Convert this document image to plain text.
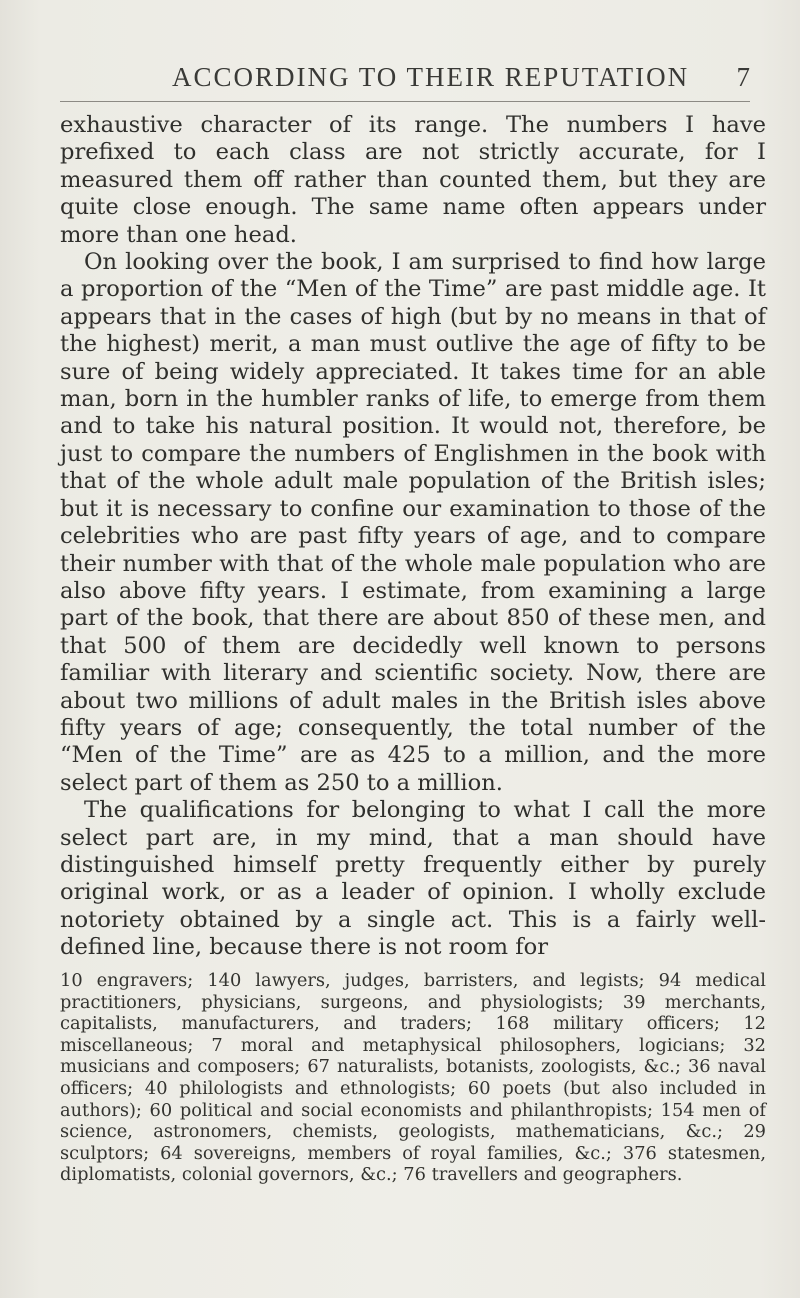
ACCORDING TO THEIR REPUTATION 7

exhaustive character of its range. The numbers I have prefixed to each class are not strictly accurate, for I measured them off rather than counted them, but they are quite close enough. The same name often appears under more than one head.

On looking over the book, I am surprised to find how large a proportion of the “Men of the Time” are past middle age. It appears that in the cases of high (but by no means in that of the highest) merit, a man must outlive the age of fifty to be sure of being widely appreciated. It takes time for an able man, born in the humbler ranks of life, to emerge from them and to take his natural position. It would not, therefore, be just to compare the numbers of Englishmen in the book with that of the whole adult male population of the British isles; but it is necessary to confine our examination to those of the celebrities who are past fifty years of age, and to compare their number with that of the whole male population who are also above fifty years. I estimate, from examining a large part of the book, that there are about 850 of these men, and that 500 of them are decidedly well known to persons familiar with literary and scientific society. Now, there are about two millions of adult males in the British isles above fifty years of age; consequently, the total number of the “Men of the Time” are as 425 to a million, and the more select part of them as 250 to a million.

The qualifications for belonging to what I call the more select part are, in my mind, that a man should have distinguished himself pretty frequently either by purely original work, or as a leader of opinion. I wholly exclude notoriety obtained by a single act. This is a fairly well-defined line, because there is not room for

10 engravers; 140 lawyers, judges, barristers, and legists; 94 medical practitioners, physicians, surgeons, and physiologists; 39 merchants, capitalists, manufacturers, and traders; 168 military officers; 12 miscellaneous; 7 moral and metaphysical philosophers, logicians; 32 musicians and composers; 67 naturalists, botanists, zoologists, &c.; 36 naval officers; 40 philologists and ethnologists; 60 poets (but also included in authors); 60 political and social economists and philanthropists; 154 men of science, astronomers, chemists, geologists, mathematicians, &c.; 29 sculptors; 64 sovereigns, members of royal families, &c.; 376 statesmen, diplomatists, colonial governors, &c.; 76 travellers and geographers.
